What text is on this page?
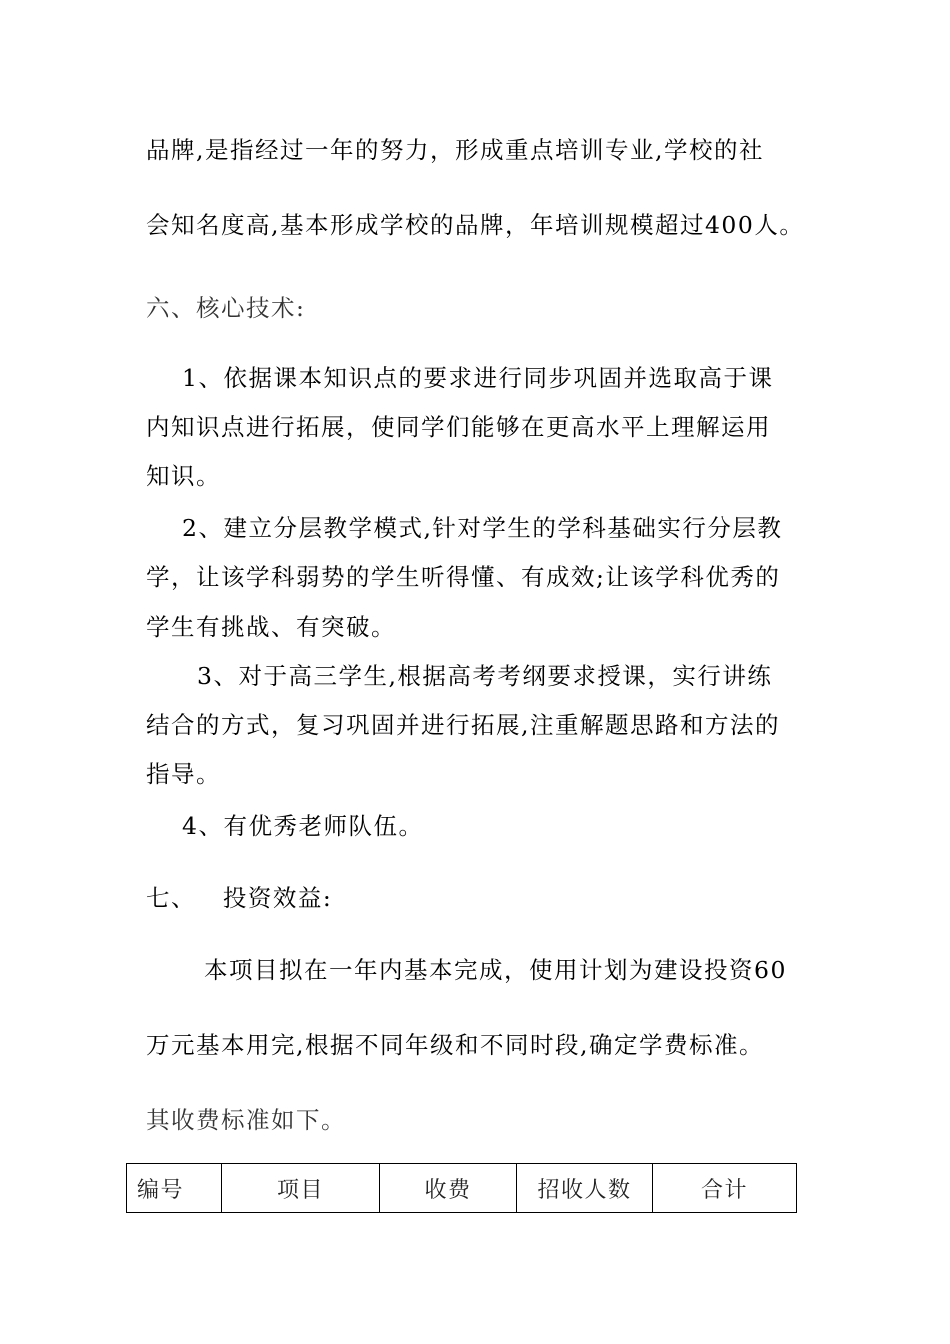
品牌,是指经过一年的努力，形成重点培训专业,学校的社
会知名度高,基本形成学校的品牌，年培训规模超过400人。
六、核心技术:
1、依据课本知识点的要求进行同步巩固并选取高于课
内知识点进行拓展，使同学们能够在更高水平上理解运用
知识。
2、建立分层教学模式,针对学生的学科基础实行分层教
学，让该学科弱势的学生听得懂、有成效;让该学科优秀的
学生有挑战、有突破。
3、对于高三学生,根据高考考纲要求授课，实行讲练
结合的方式，复习巩固并进行拓展,注重解题思路和方法的
指导。
4、有优秀老师队伍。
七、   投资效益:
本项目拟在一年内基本完成，使用计划为建设投资60
万元基本用完,根据不同年级和不同时段,确定学费标准。
其收费标准如下。
编号	项目	收费	招收人数	合计
